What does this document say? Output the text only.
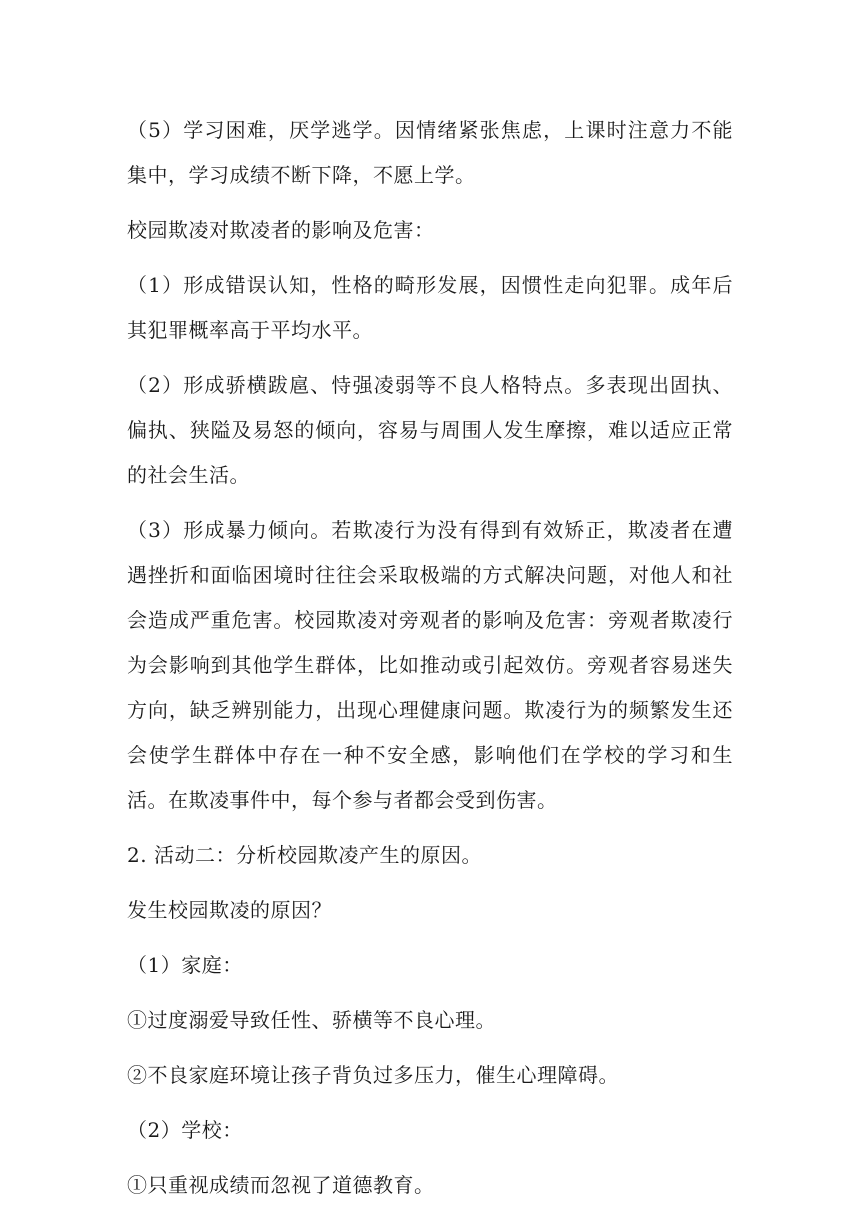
（5）学习困难，厌学逃学。因情绪紧张焦虑，上课时注意力不能集中，学习成绩不断下降，不愿上学。

校园欺凌对欺凌者的影响及危害：

（1）形成错误认知，性格的畸形发展，因惯性走向犯罪。成年后其犯罪概率高于平均水平。

（2）形成骄横跋扈、恃强凌弱等不良人格特点。多表现出固执、偏执、狭隘及易怒的倾向，容易与周围人发生摩擦，难以适应正常的社会生活。

（3）形成暴力倾向。若欺凌行为没有得到有效矫正，欺凌者在遭遇挫折和面临困境时往往会采取极端的方式解决问题，对他人和社会造成严重危害。校园欺凌对旁观者的影响及危害：旁观者欺凌行为会影响到其他学生群体，比如推动或引起效仿。旁观者容易迷失方向，缺乏辨别能力，出现心理健康问题。欺凌行为的频繁发生还会使学生群体中存在一种不安全感，影响他们在学校的学习和生活。在欺凌事件中，每个参与者都会受到伤害。

2. 活动二：分析校园欺凌产生的原因。

发生校园欺凌的原因？

（1）家庭：

①过度溺爱导致任性、骄横等不良心理。

②不良家庭环境让孩子背负过多压力，催生心理障碍。

（2）学校：

①只重视成绩而忽视了道德教育。
